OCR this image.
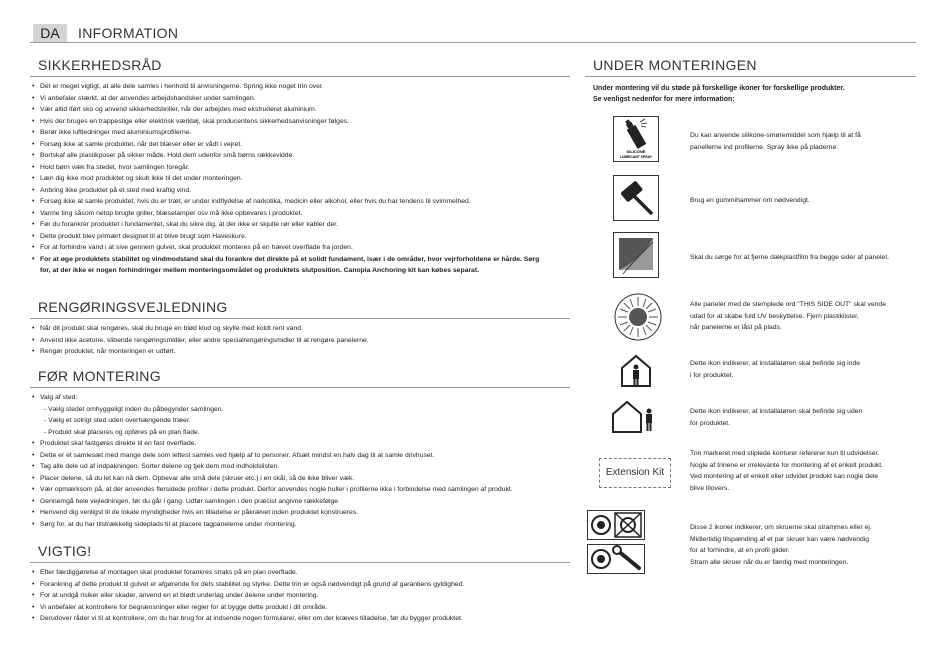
DA	INFORMATION
SIKKERHEDSRÅD
• Det er meget vigtigt, at alle dele samles i henhold til anvisningerne. Spring ikke noget trin over.
• Vi anbefaler stærkt, at der anvendes arbejdshandsker under samlingen.
• Vær altid iført sko og anvend sikkerhedsbriller, når der arbejdes med ekstruderet aluminium.
• Hvis der bruges en trappestige eller elektrisk værktøj, skal producentens sikkerhedsanvisninger følges.
• Berør ikke luftledninger med aluminiumsprofilerne.
• Forsøg ikke at samle produktet, når det blæser eller er vådt i vejret.
• Bortskaf alle plastikposer på sikker måde. Hold dem udenfor små børns rækkevidde.
• Hold børn væk fra stedet, hvor samlingen foregår.
• Læn dig ikke mod produktet og skub ikke til det under monteringen.
• Anbring ikke produktet på et sted med kraftig vind.
• Forsøg ikke at samle produktet, hvis du er træt, er under indflydelse af narkotika, medicin eller alkohol, eller hvis du har tendens til svimmelhed.
• Varme ting såsom netop brugte griller, blæselamper osv må ikke opbevares i produktet.
• Før du forankrer produktet i fundamentet, skal du sikre dig, at der ikke er skjulte rør eller kabler der.
• Dette produkt blev primært designet til at blive brugt som Haveskure.
• For at forhindre vand i at sive gennem gulvet, skal produktet monteres på en hævet overflade fra jorden.
• For at øge produktets stabilitet og vindmodstand skal du forankre det direkte på et solidt fundament, især i de områder, hvor vejrforholdene er hårde. Sørg for, at der ikke er nogen forhindringer mellem monteringsområdet og produktets slutposition. Canopia Anchoring kit kan købes separat.
RENGØRINGSVEJLEDNING
• Når dit produkt skal rengøres, skal du bruge en blød klud og skylle med koldt rent vand.
• Anvend ikke acetone, slibende rengøringsmidler, eller andre specialrengøringsmidler til at rengøre panelerne.
• Rengør produktet, når monteringen er udført.
FØR MONTERING
• Valg af sted:
- Vælg stedet omhyggeligt inden du påbegynder samlingen.
- Vælg et solrigt sted uden overhængende træer.
- Produkt skal placeres og opføres på en plan flade.
• Produktet skal fastgøres direkte til en fast overflade.
• Dette er et samlesæt med mange dele som lettest samles ved hjælp af to personer. Afsæt mindst en halv dag til at samle drivhuset.
• Tag alle dele ud af indpakningen. Sorter delene og tjek dem mod indholdslisten.
• Placer delene, så du let kan nå dem. Opbevar alle små dele (skruer etc.) i en skål, så de ikke bliver væk.
• Vær opmærksom på, at der anvendes flersidede profiler i dette produkt. Derfor anvendes nogle huller i profilerne ikke i forbindelse med samlingen af produkt.
• Gennemgå hele vejledningen, før du går i gang. Udfør samlingen i den præcist angivne rækkefølge
• Henvend dig venligst til de lokale myndigheder hvis en tilladelse er påkrævet inden produktet konstrueres.
• Sørg for, at du har tilstrækkelig sideplads til at placere tagpanelerne under montering.
VIGTIG!
• Efter færdiggørelse af montagen skal produktet forankres straks på en plan overflade.
• Forankring af dette produkt til gulvet er afgørende for dets stabilitet og styrke. Dette trin er også nødvendigt på grund af garantiens gyldighed.
• For at undgå risiker eller skader, anvend en et blødt underlag under delene under montering.
• Vi anbefaler at kontrollere for begrænsninger eller regler for at bygge dette produkt i dit område.
• Derudover råder vi til at kontrollere, om du har brug for at indsende nogen formularer, eller om der kræves tilladelse, før du bygger produktet.
UNDER MONTERINGEN
Under montering vil du støde på forskellige ikoner for forskellige produkter.
Se venligst nedenfor for mere information:
SILICONE
LUBRICANT SPRAY
Du kan anvende silikone-smøremiddel som hjælp til at få
panellerne ind profilerne. Spray ikke på pladerne.
Brug en gummihammer om nødvendigt.
Skal du sørge for at fjerne dækplastfilm fra begge sider af panelet.
Alle paneler med de stemplede ord "THIS SIDE OUT" skal vende
udad for at skabe fuld UV beskyttelse. Fjern plastiklister,
når panelerne er låst på plads.
Dette ikon indikerer, at installatøren skal befinde sig inde
i for produktet.
Dette ikon indikerer, at installatøren skal befinde sig uden
for produktet.
Extension Kit
Trin markeret med stiplede konturer refererer kun til udvidelser.
Nogle af trinene er irrelevante for montering af et enkelt produkt.
Ved montering af et enkelt eller udvidet produkt kan nogle dele
blive tilovers.
Disse 2 ikoner indikerer, om skruerne skal strammes eller ej.
Midlertidig tilspænding af et par skruer kan være nødvendig
for at forhindre, at en profil glider.
Stram alle skruer når du er færdig med monteringen.
